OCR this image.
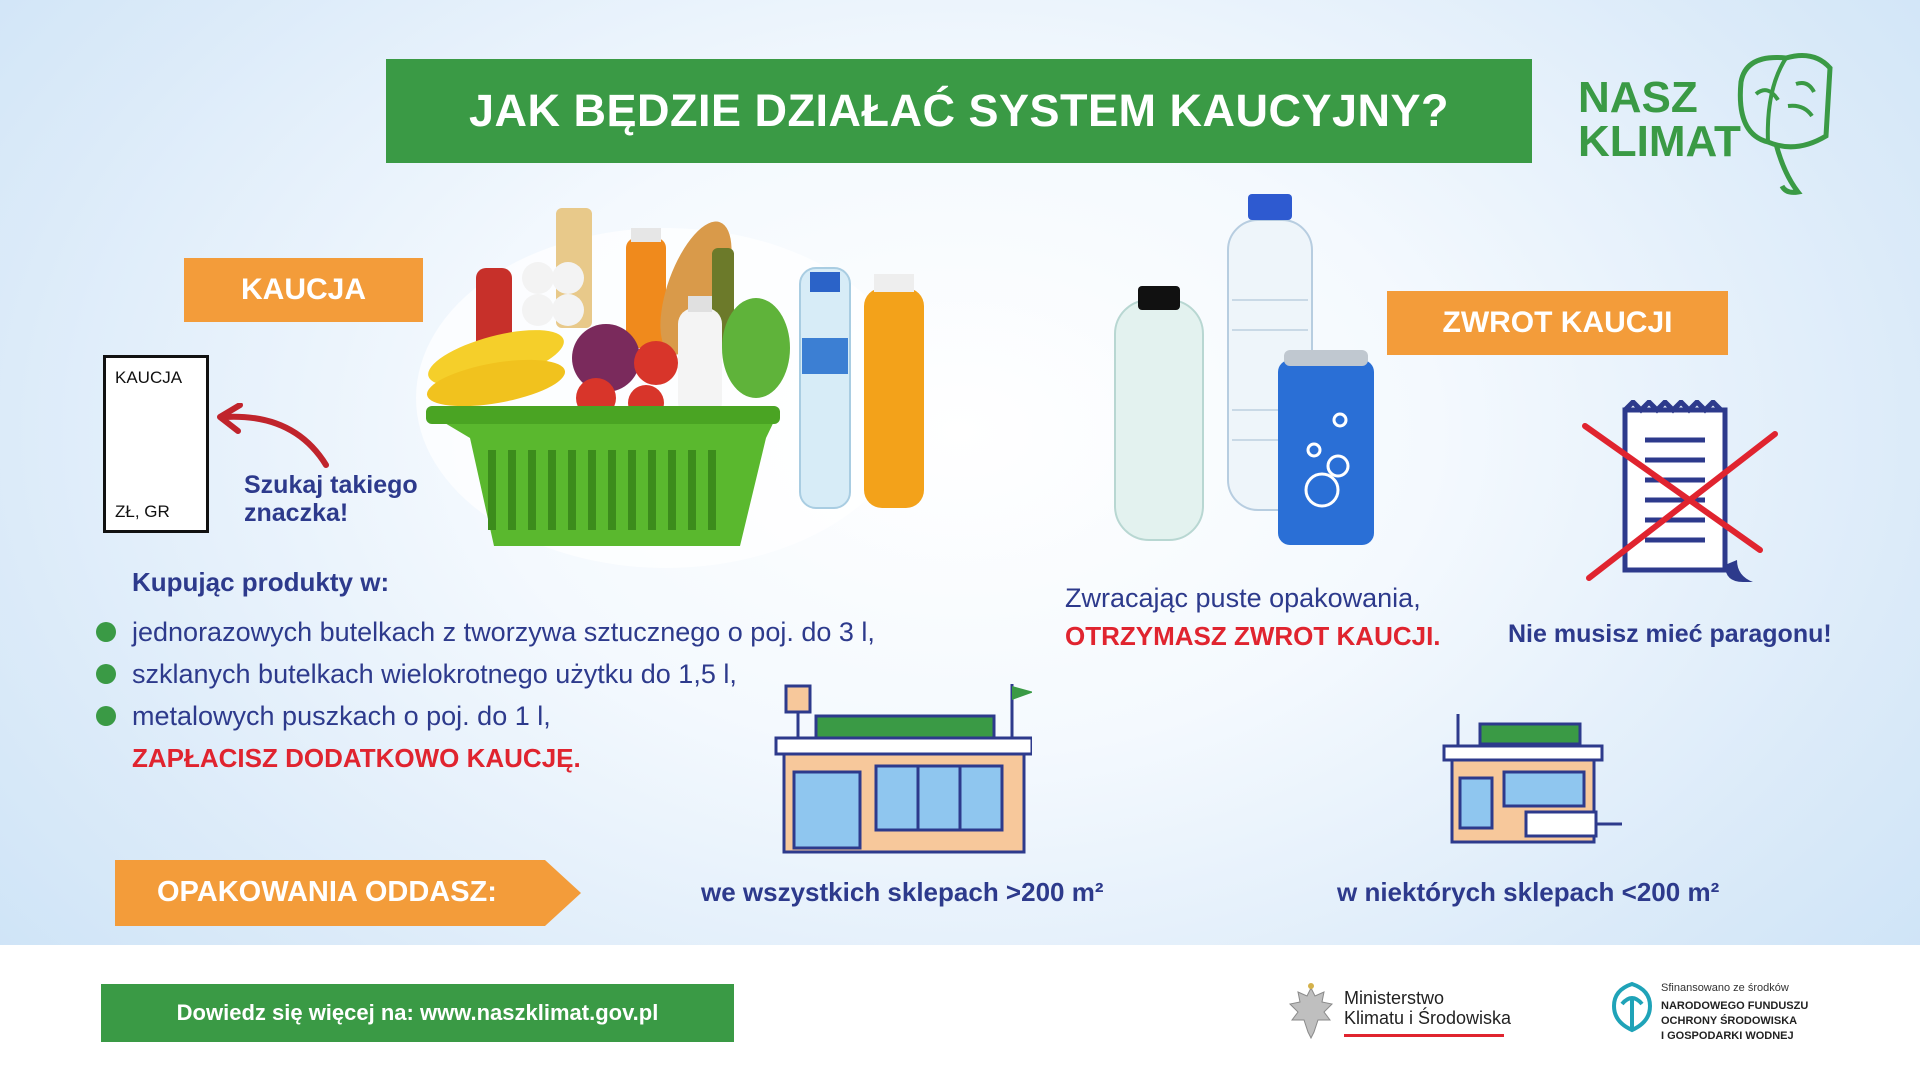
JAK BĘDZIE DZIAŁAĆ SYSTEM KAUCYJNY?	NASZ
KLIMAT
KAUCJA
KAUCJA
ZŁ, GR
Szukaj takiego
znaczka!
ZWROT KAUCJI
Kupując produkty w:
jednorazowych butelkach z tworzywa sztucznego o poj. do 3 l,
szklanych butelkach wielokrotnego użytku do 1,5 l,
metalowych puszkach o poj. do 1 l,
ZAPŁACISZ DODATKOWO KAUCJĘ.
Zwracając puste opakowania,
OTRZYMASZ ZWROT KAUCJI.	Nie musisz mieć paragonu!
OPAKOWANIA ODDASZ:	we wszystkich sklepach >200 m²	w niektórych sklepach <200 m²
Dowiedz się więcej na: www.naszklimat.gov.pl
Ministerstwo
Klimatu i Środowiska
Sfinansowano ze środków
NARODOWEGO FUNDUSZU
OCHRONY ŚRODOWISKA
I GOSPODARKI WODNEJ
